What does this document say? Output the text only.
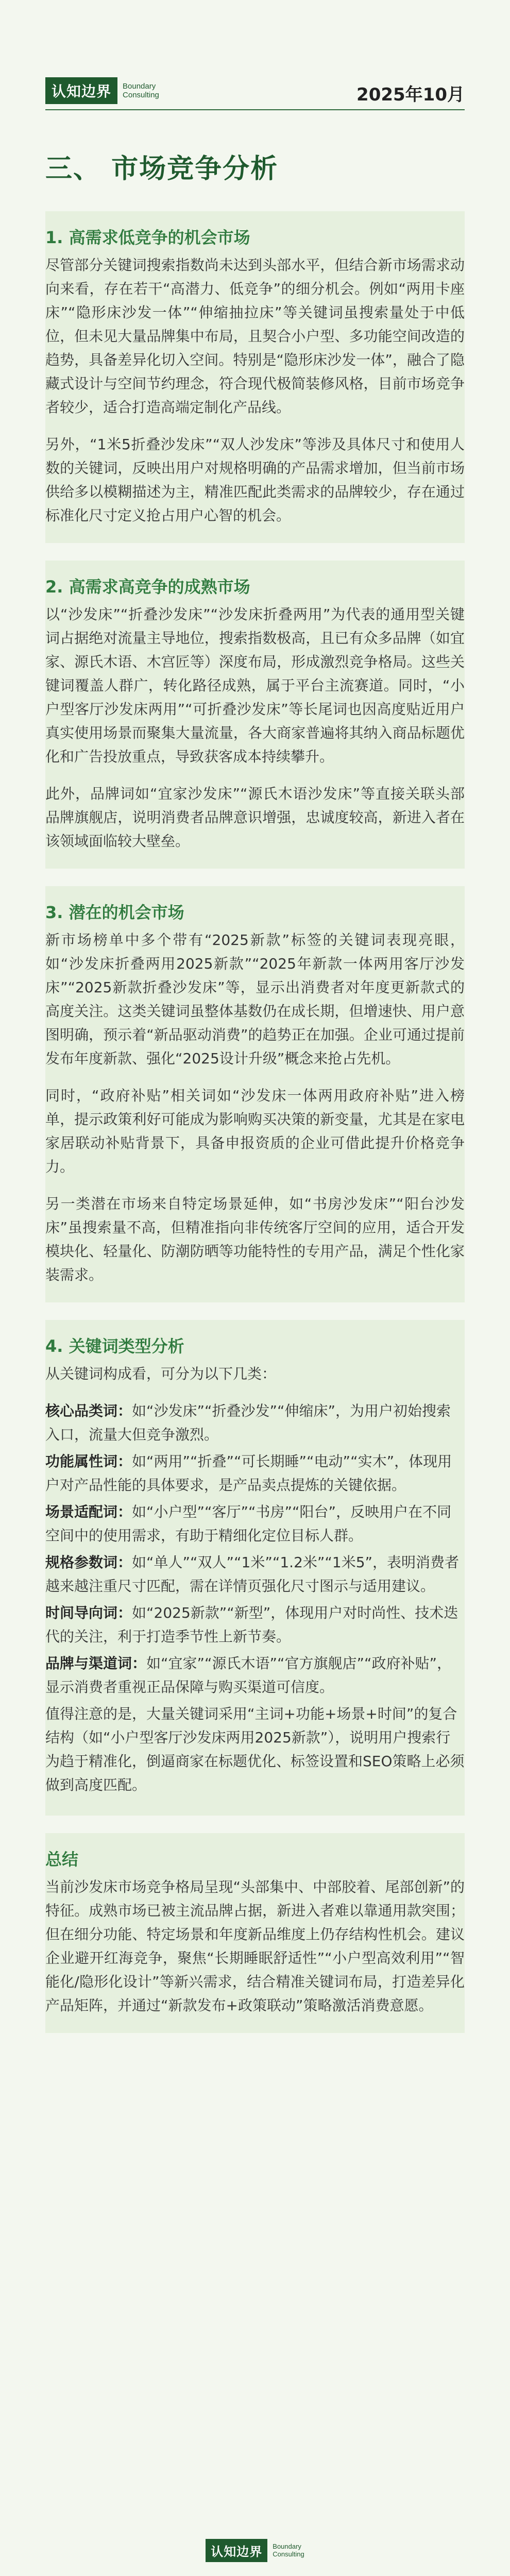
认知边界	Boundary
Consulting	2025年10月
三、 市场竞争分析
1. 高需求低竞争的机会市场

尽管部分关键词搜索指数尚未达到头部水平，但结合新市场需求动向来看，存在若干“高潜力、低竞争”的细分机会。例如“两用卡座床”“隐形床沙发一体”“伸缩抽拉床”等关键词虽搜索量处于中低位，但未见大量品牌集中布局，且契合小户型、多功能空间改造的趋势，具备差异化切入空间。特别是“隐形床沙发一体”，融合了隐藏式设计与空间节约理念，符合现代极简装修风格，目前市场竞争者较少，适合打造高端定制化产品线。

另外，“1米5折叠沙发床”“双人沙发床”等涉及具体尺寸和使用人数的关键词，反映出用户对规格明确的产品需求增加，但当前市场供给多以模糊描述为主，精准匹配此类需求的品牌较少，存在通过标准化尺寸定义抢占用户心智的机会。

2. 高需求高竞争的成熟市场

以“沙发床”“折叠沙发床”“沙发床折叠两用”为代表的通用型关键词占据绝对流量主导地位，搜索指数极高，且已有众多品牌（如宜家、源氏木语、木宫匠等）深度布局，形成激烈竞争格局。这些关键词覆盖人群广，转化路径成熟，属于平台主流赛道。同时，“小户型客厅沙发床两用”“可折叠沙发床”等长尾词也因高度贴近用户真实使用场景而聚集大量流量，各大商家普遍将其纳入商品标题优化和广告投放重点，导致获客成本持续攀升。

此外，品牌词如“宜家沙发床”“源氏木语沙发床”等直接关联头部品牌旗舰店，说明消费者品牌意识增强，忠诚度较高，新进入者在该领域面临较大壁垒。

3. 潜在的机会市场

新市场榜单中多个带有“2025新款”标签的关键词表现亮眼，如“沙发床折叠两用2025新款”“2025年新款一体两用客厅沙发床”“2025新款折叠沙发床”等，显示出消费者对年度更新款式的高度关注。这类关键词虽整体基数仍在成长期，但增速快、用户意图明确，预示着“新品驱动消费”的趋势正在加强。企业可通过提前发布年度新款、强化“2025设计升级”概念来抢占先机。

同时，“政府补贴”相关词如“沙发床一体两用政府补贴”进入榜单，提示政策利好可能成为影响购买决策的新变量，尤其是在家电家居联动补贴背景下，具备申报资质的企业可借此提升价格竞争力。

另一类潜在市场来自特定场景延伸，如“书房沙发床”“阳台沙发床”虽搜索量不高，但精准指向非传统客厅空间的应用，适合开发模块化、轻量化、防潮防晒等功能特性的专用产品，满足个性化家装需求。

4. 关键词类型分析
从关键词构成看，可分为以下几类：
核心品类词：如“沙发床”“折叠沙发”“伸缩床”，为用户初始搜索入口，流量大但竞争激烈。
功能属性词：如“两用”“折叠”“可长期睡”“电动”“实木”，体现用户对产品性能的具体要求，是产品卖点提炼的关键依据。
场景适配词：如“小户型”“客厅”“书房”“阳台”，反映用户在不同空间中的使用需求，有助于精细化定位目标人群。
规格参数词：如“单人”“双人”“1米”“1.2米”“1米5”，表明消费者越来越注重尺寸匹配，需在详情页强化尺寸图示与适用建议。
时间导向词：如“2025新款”“新型”，体现用户对时尚性、技术迭代的关注，利于打造季节性上新节奏。
品牌与渠道词：如“宜家”“源氏木语”“官方旗舰店”“政府补贴”，显示消费者重视正品保障与购买渠道可信度。
值得注意的是，大量关键词采用“主词+功能+场景+时间”的复合结构（如“小户型客厅沙发床两用2025新款”），说明用户搜索行为趋于精准化，倒逼商家在标题优化、标签设置和SEO策略上必须做到高度匹配。
总结

当前沙发床市场竞争格局呈现“头部集中、中部胶着、尾部创新”的特征。成熟市场已被主流品牌占据，新进入者难以靠通用款突围；但在细分功能、特定场景和年度新品维度上仍存结构性机会。建议企业避开红海竞争，聚焦“长期睡眠舒适性”“小户型高效利用”“智能化/隐形化设计”等新兴需求，结合精准关键词布局，打造差异化产品矩阵，并通过“新款发布+政策联动”策略激活消费意愿。

认知边界	Boundary
Consulting
